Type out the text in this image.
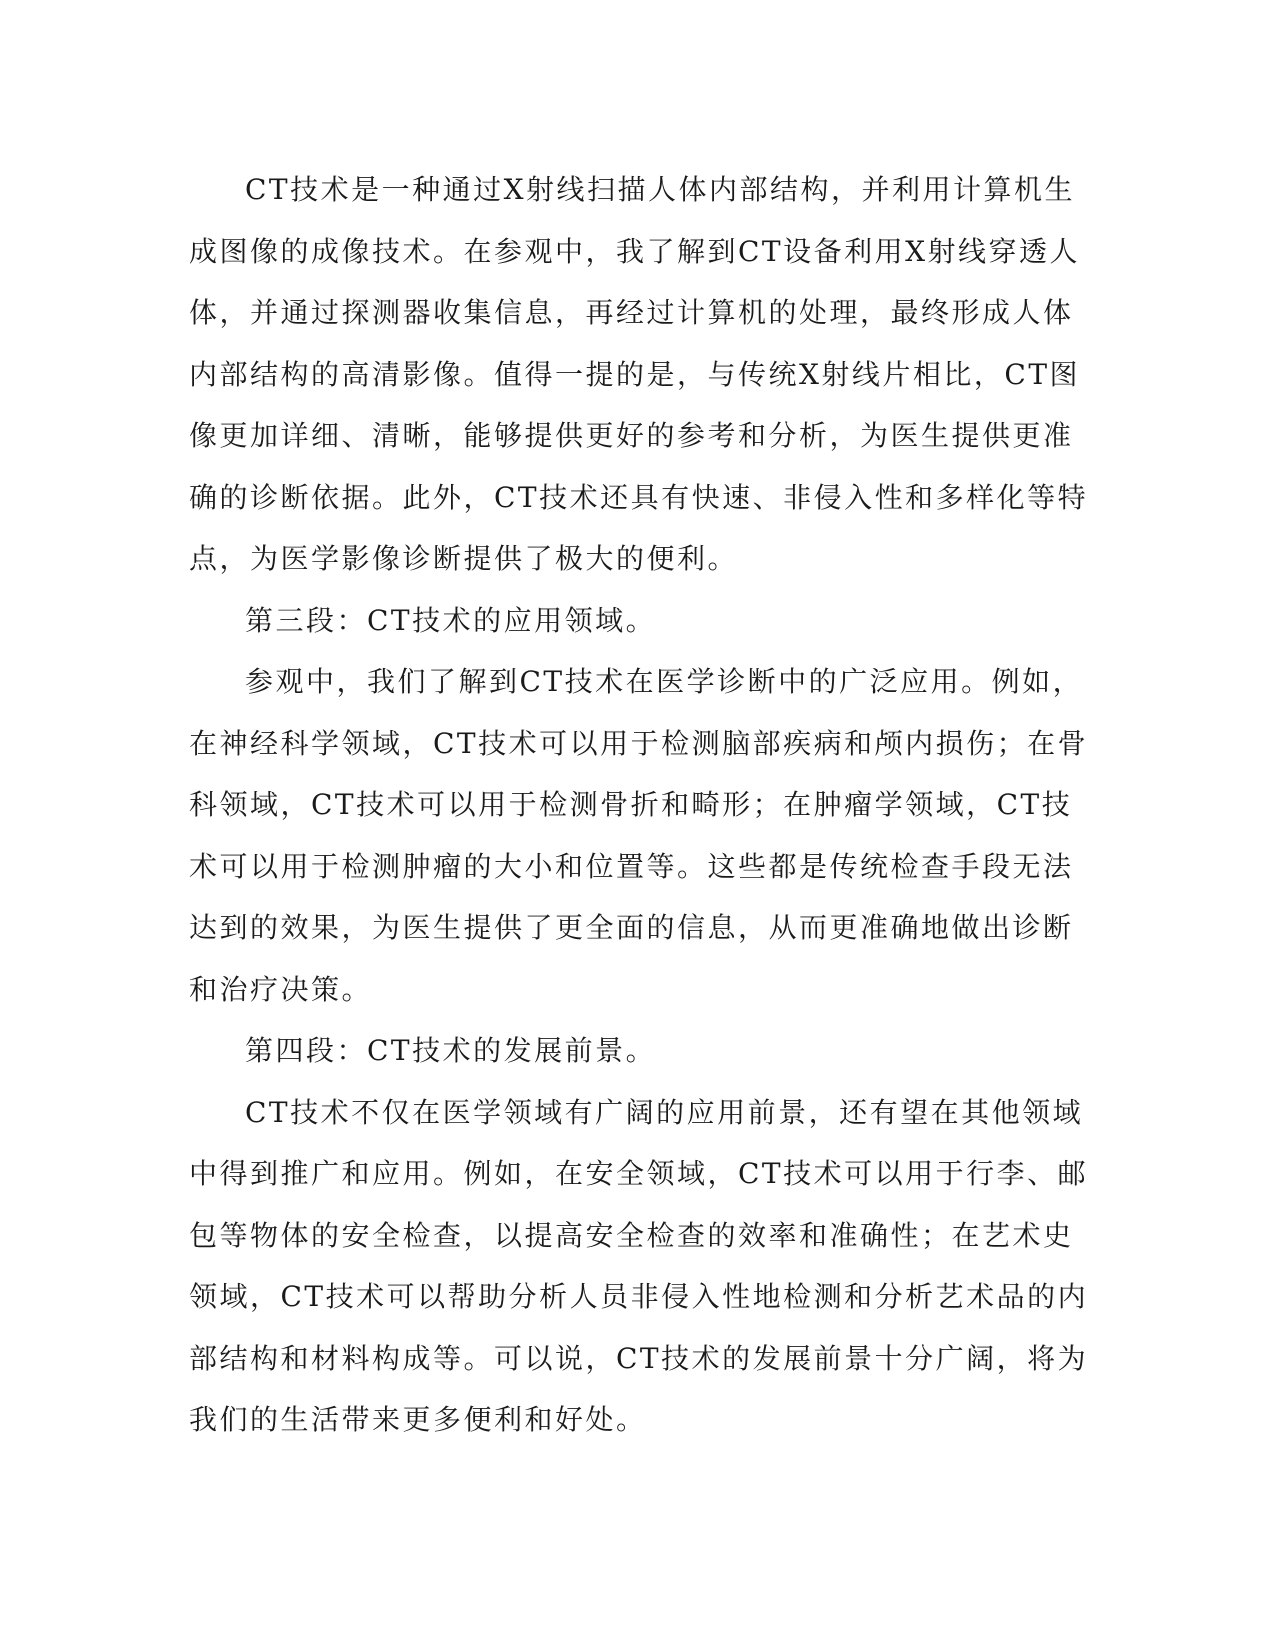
CT技术是一种通过X射线扫描人体内部结构，并利用计算机生成图像的成像技术。在参观中，我了解到CT设备利用X射线穿透人体，并通过探测器收集信息，再经过计算机的处理，最终形成人体内部结构的高清影像。值得一提的是，与传统X射线片相比，CT图像更加详细、清晰，能够提供更好的参考和分析，为医生提供更准确的诊断依据。此外，CT技术还具有快速、非侵入性和多样化等特点，为医学影像诊断提供了极大的便利。

第三段：CT技术的应用领域。

参观中，我们了解到CT技术在医学诊断中的广泛应用。例如，在神经科学领域，CT技术可以用于检测脑部疾病和颅内损伤；在骨科领域，CT技术可以用于检测骨折和畸形；在肿瘤学领域，CT技术可以用于检测肿瘤的大小和位置等。这些都是传统检查手段无法达到的效果，为医生提供了更全面的信息，从而更准确地做出诊断和治疗决策。

第四段：CT技术的发展前景。

CT技术不仅在医学领域有广阔的应用前景，还有望在其他领域中得到推广和应用。例如，在安全领域，CT技术可以用于行李、邮包等物体的安全检查，以提高安全检查的效率和准确性；在艺术史领域，CT技术可以帮助分析人员非侵入性地检测和分析艺术品的内部结构和材料构成等。可以说，CT技术的发展前景十分广阔，将为我们的生活带来更多便利和好处。
